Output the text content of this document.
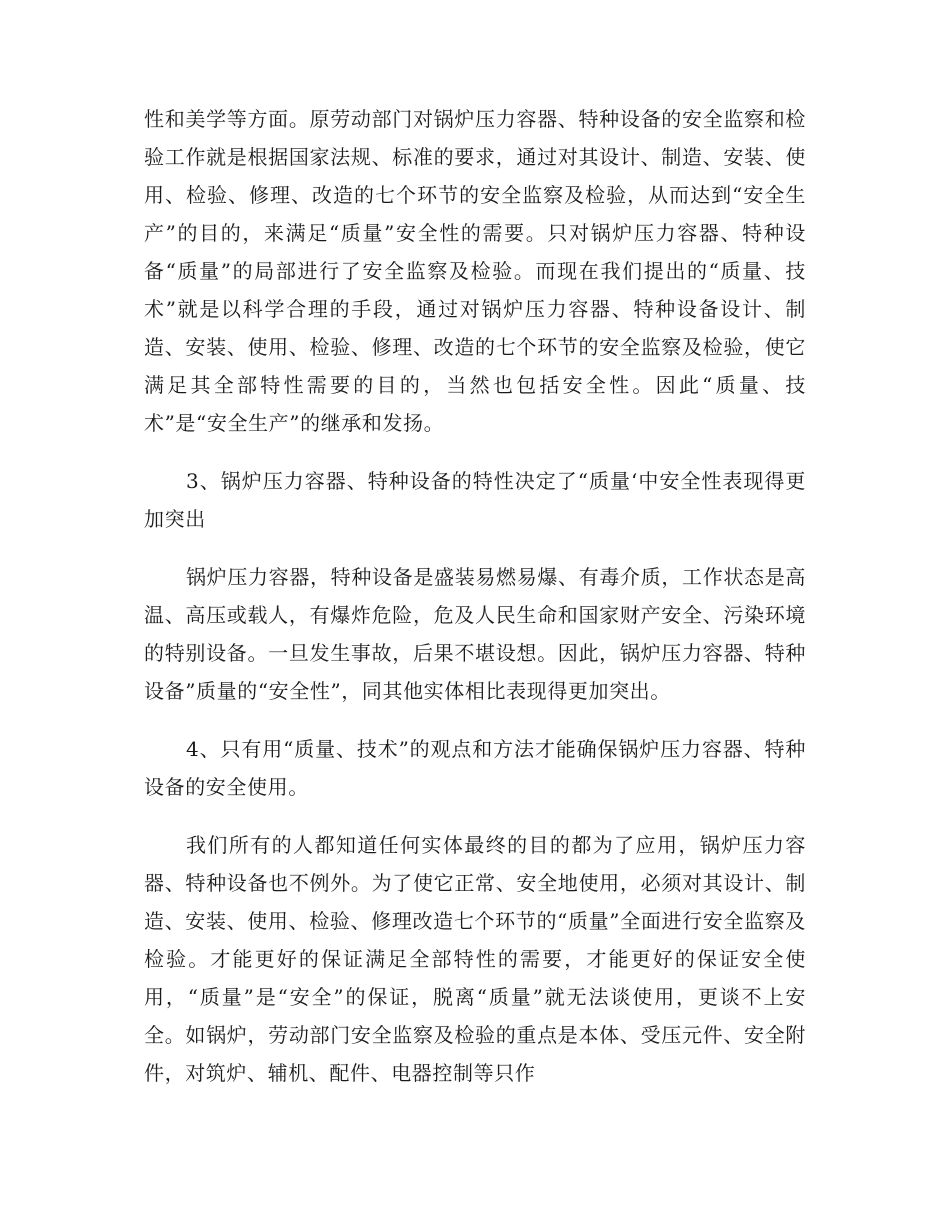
性和美学等方面。原劳动部门对锅炉压力容器、特种设备的安全监察和检验工作就是根据国家法规、标准的要求，通过对其设计、制造、安装、使用、检验、修理、改造的七个环节的安全监察及检验，从而达到“安全生产”的目的，来满足“质量”安全性的需要。只对锅炉压力容器、特种设备“质量”的局部进行了安全监察及检验。而现在我们提出的“质量、技术”就是以科学合理的手段，通过对锅炉压力容器、特种设备设计、制造、安装、使用、检验、修理、改造的七个环节的安全监察及检验，使它满足其全部特性需要的目的，当然也包括安全性。因此“质量、技术”是“安全生产”的继承和发扬。

3、锅炉压力容器、特种设备的特性决定了“质量‘中安全性表现得更加突出

锅炉压力容器，特种设备是盛装易燃易爆、有毒介质，工作状态是高温、高压或载人，有爆炸危险，危及人民生命和国家财产安全、污染环境的特别设备。一旦发生事故，后果不堪设想。因此，锅炉压力容器、特种设备”质量的“安全性”，同其他实体相比表现得更加突出。

4、只有用“质量、技术”的观点和方法才能确保锅炉压力容器、特种设备的安全使用。

我们所有的人都知道任何实体最终的目的都为了应用，锅炉压力容器、特种设备也不例外。为了使它正常、安全地使用，必须对其设计、制造、安装、使用、检验、修理改造七个环节的“质量”全面进行安全监察及检验。才能更好的保证满足全部特性的需要，才能更好的保证安全使用，“质量”是“安全”的保证，脱离“质量”就无法谈使用，更谈不上安全。如锅炉，劳动部门安全监察及检验的重点是本体、受压元件、安全附件，对筑炉、辅机、配件、电器控制等只作
